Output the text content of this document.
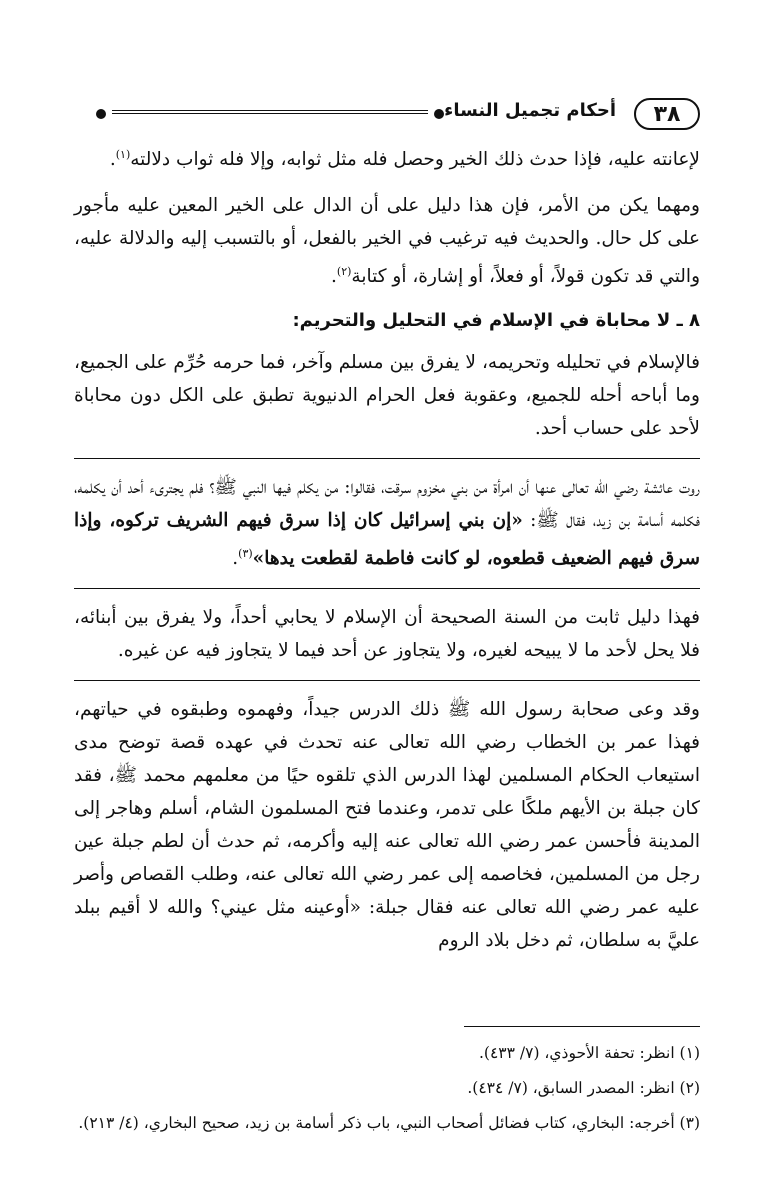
٣٨
أحكام تجميل النساء

لإعانته عليه، فإذا حدث ذلك الخير وحصل فله مثل ثوابه، وإلا فله ثواب دلالته$^{(١)}$.

ومهما يكن من الأمر، فإن هذا دليل على أن الدال على الخير المعين عليه مأجور على كل حال. والحديث فيه ترغيب في الخير بالفعل، أو بالتسبب إليه والدلالة عليه، والتي قد تكون قولاً، أو فعلاً، أو إشارة، أو كتابة$^{(٢)}$.

٨ ـ لا محاباة في الإسلام في التحليل والتحريم:

فالإسلام في تحليله وتحريمه، لا يفرق بين مسلم وآخر، فما حرمه حُرِّم على الجميع، وما أباحه أحله للجميع، وعقوبة فعل الحرام الدنيوية تطبق على الكل دون محاباة لأحد على حساب أحد.

روت عائشة رضي الله تعالى عنها أن امرأة من بني مخزوم سرقت، فقالوا: من يكلم فيها النبي ﷺ؟ فلم يجترىء أحد أن يكلمه، فكلمه أسامة بن زيد، فقال ﷺ: «إن بني إسرائيل كان إذا سرق فيهم الشريف تركوه، وإذا سرق فيهم الضعيف قطعوه، لو كانت فاطمة لقطعت يدها»$^{(٣)}$.

فهذا دليل ثابت من السنة الصحيحة أن الإسلام لا يحابي أحداً، ولا يفرق بين أبنائه، فلا يحل لأحد ما لا يبيحه لغيره، ولا يتجاوز عن أحد فيما لا يتجاوز فيه عن غيره.

وقد وعى صحابة رسول الله ﷺ ذلك الدرس جيداً، وفهموه وطبقوه في حياتهم، فهذا عمر بن الخطاب رضي الله تعالى عنه تحدث في عهده قصة توضح مدى استيعاب الحكام المسلمين لهذا الدرس الذي تلقوه حيًا من معلمهم محمد ﷺ، فقد كان جبلة بن الأيهم ملكًا على تدمر، وعندما فتح المسلمون الشام، أسلم وهاجر إلى المدينة فأحسن عمر رضي الله تعالى عنه إليه وأكرمه، ثم حدث أن لطم جبلة عين رجل من المسلمين، فخاصمه إلى عمر رضي الله تعالى عنه، وطلب القصاص وأصر عليه عمر رضي الله تعالى عنه فقال جبلة: «أوعينه مثل عيني؟ والله لا أقيم ببلد عليَّ به سلطان، ثم دخل بلاد الروم

(١) انظر: تحفة الأحوذي، (٧/ ٤٣٣).

(٢) انظر: المصدر السابق، (٧/ ٤٣٤).

(٣) أخرجه: البخاري، كتاب فضائل أصحاب النبي، باب ذكر أسامة بن زيد، صحيح البخاري، (٤/ ٢١٣).
